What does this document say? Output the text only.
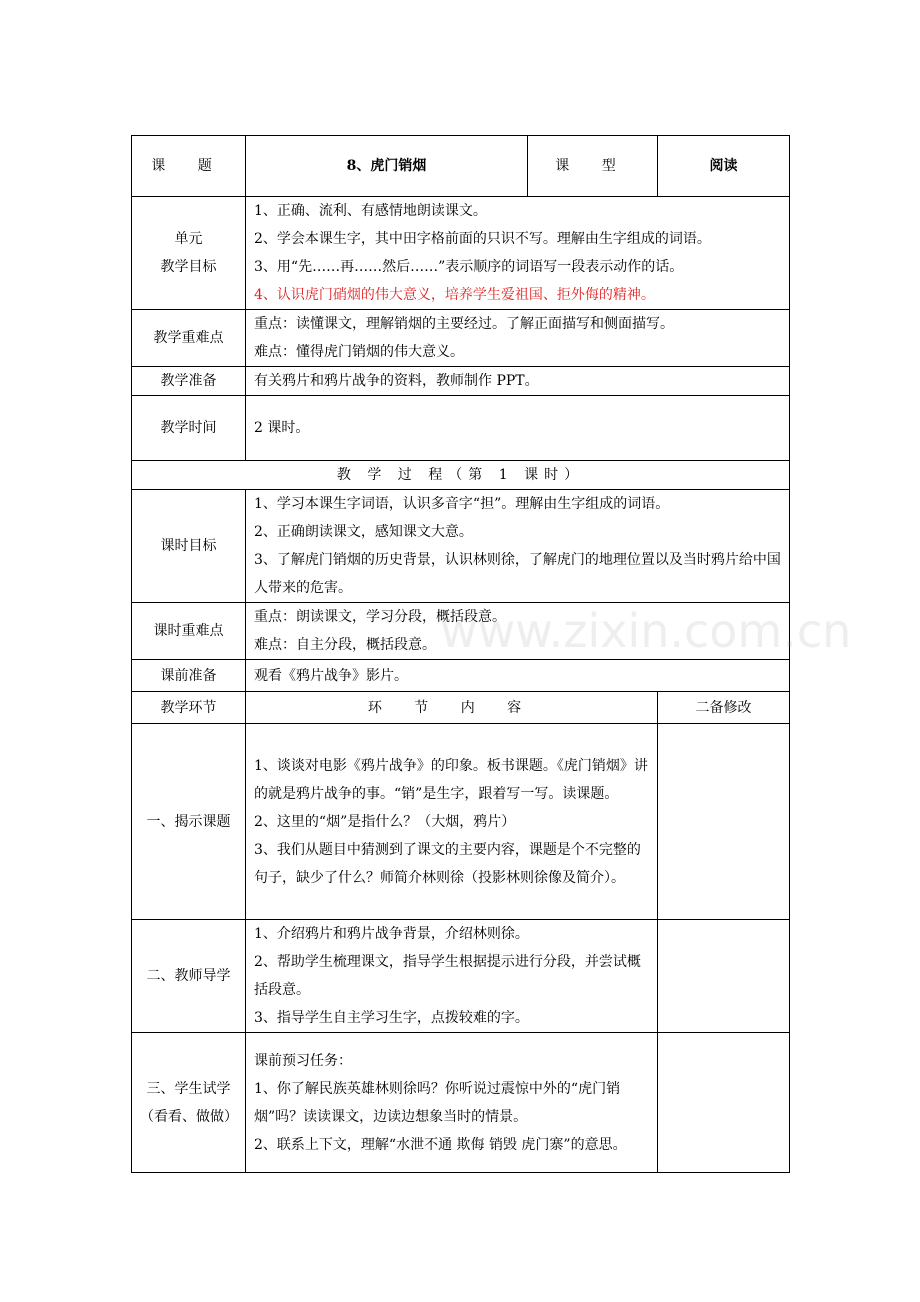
课 题	8、虎门销烟	课 型	阅读

单元
教学目标	1、正确、流利、有感情地朗读课文。
2、学会本课生字，其中田字格前面的只识不写。理解由生字组成的词语。
3、用“先……再……然后……”表示顺序的词语写一段表示动作的话。
4、认识虎门硝烟的伟大意义，培养学生爱祖国、拒外侮的精神。		

教学重难点	重点：读懂课文，理解销烟的主要经过。了解正面描写和侧面描写。
难点：懂得虎门销烟的伟大意义。		

教学准备	有关鸦片和鸦片战争的资料，教师制作 PPT。		
教学时间	2 课时。		
教 学 过 程（第 1 课时）			
课时目标	1、学习本课生字词语，认识多音字“担”。理解由生字组成的词语。
2、正确朗读课文，感知课文大意。
3、了解虎门销烟的历史背景，认识林则徐，了解虎门的地理位置以及当时鸦片给中国人带来的危害。		

课时重难点	重点：朗读课文，学习分段，概括段意。
难点：自主分段，概括段意。		

课前准备	观看《鸦片战争》影片。		
教学环节	环 节 内 容		二备修改
一、揭示课题	1、谈谈对电影《鸦片战争》的印象。板书课题。《虎门销烟》讲的就是鸦片战争的事。“销”是生字，跟着写一写。读课题。
2、这里的“烟”是指什么？（大烟，鸦片）
3、我们从题目中猜测到了课文的主要内容，课题是个不完整的句子，缺少了什么？师简介林则徐（投影林则徐像及简介）。		

二、教师导学	1、介绍鸦片和鸦片战争背景，介绍林则徐。
2、帮助学生梳理课文，指导学生根据提示进行分段，并尝试概括段意。
3、指导学生自主学习生字，点拨较难的字。		

三、学生试学
（看看、做做）	课前预习任务：
1、你了解民族英雄林则徐吗？你听说过震惊中外的“虎门销烟”吗？读读课文，边读边想象当时的情景。
2、联系上下文，理解“水泄不通 欺侮 销毁 虎门寨”的意思。		

www.zixin.com.cn
